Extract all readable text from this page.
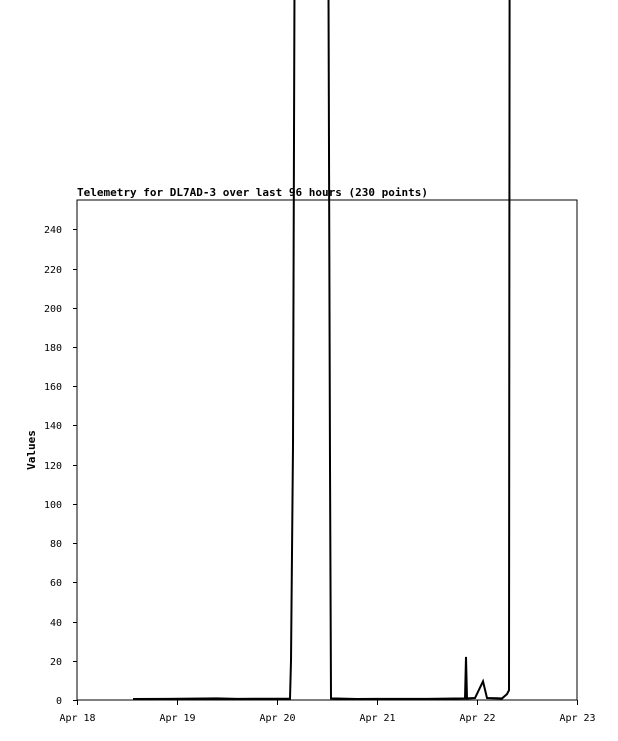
Telemetry for DL7AD-3 over last 96 hours (230 points)
0
20
40
60
80
100
120
140
160
180
200
220
240
Apr 18	Apr 19	Apr 20	Apr 21	Apr 22	Apr 23
Values
